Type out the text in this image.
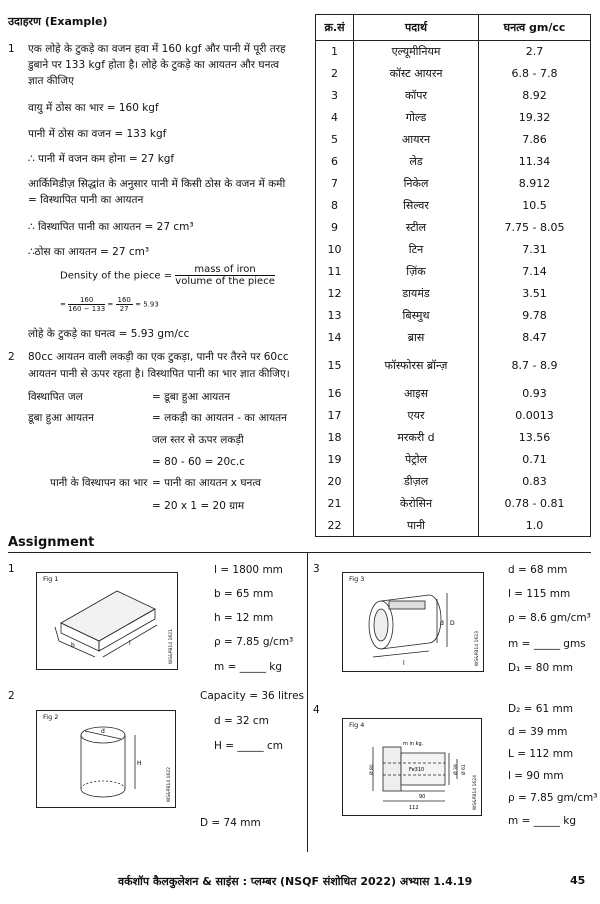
उदाहरण (Example)
1 एक लोहे के टुकड़े का वजन हवा में 160 kgf और पानी में पूरी तरह
डुबाने पर 133 kgf होता है। लोहे के टुकड़े का आयतन और घनत्व
ज्ञात कीजिए
वायु में ठोस का भार = 160 kgf
पानी में ठोस का वजन = 133 kgf
∴ पानी में वजन कम होना = 27 kgf
आर्किमिडीज़ सिद्धांत के अनुसार पानी में किसी ठोस के वजन में कमी
= विस्थापित पानी का आयतन
∴ विस्थापित पानी का आयतन = 27 cm³
∴ठोस का आयतन = 27 cm³
Density of the piece = $\frac{\text{mass of iron}}{\text{volume of the piece}}$
= $\frac{160}{160 - 133} = \frac{160}{27} = 5.93$
लोहे के टुकड़े का घनत्व = 5.93 gm/cc
2 80cc आयतन वाली लकड़ी का एक टुकड़ा, पानी पर तैरने पर 60cc
आयतन पानी से ऊपर रहता है। विस्थापित पानी का भार ज्ञात कीजिए।
विस्थापित जल	= डूबा हुआ आयतन
डूबा हुआ आयतन	= लकड़ी का आयतन - का आयतन
जल स्तर से ऊपर लकड़ी
= 80 - 60 = 20c.c
पानी के विस्थापन का भार = पानी का आयतन x घनत्व
= 20 x 1 = 20 ग्राम
क्र.सं	पदार्थ	घनत्व gm/cc
1	एल्यूमीनियम	2.7
2	कॉस्ट आयरन	6.8 - 7.8
3	कॉपर	8.92
4	गोल्ड	19.32
5	आयरन	7.86
6	लेड	11.34
7	निकेल	8.912
8	सिल्वर	10.5
9	स्टील	7.75 - 8.05
10	टिन	7.31
11	ज़िंक	7.14
12	डायमंड	3.51
13	बिस्मुथ	9.78
14	ब्रास	8.47
15	फॉस्फोरस ब्रॉन्ज़	8.7 - 8.9
16	आइस	0.93
17	एयर	0.0013
18	मरकरी d	13.56
19	पेट्रोल	0.71
20	डीज़ल	0.83
21	केरोसिन	0.78 - 0.81
22	पानी	1.0
Assignment
1
Fig 1
WS&PB14 1621
b	l
l = 1800 mm
b = 65 mm
h = 12 mm
ρ = 7.85 g/cm³
m = _____ kg
3
Fig 3
WS&PB14 1623
l
d D
d = 68 mm
l = 115 mm
ρ = 8.6 gm/cm³
m = _____ gms
D₁ = 80 mm
2
Fig 2
WS&PB14 1622
H
d
Capacity = 36 litres
d = 32 cm
H = _____ cm
D = 74 mm
4
Fig 4
WS&PB14 1624
m in kg.
Fe310
90
112
Ø 80	Ø 39 Ø 61
D₂ = 61 mm
d = 39 mm
L = 112 mm
l = 90 mm
ρ = 7.85 gm/cm³
m = _____ kg
वर्कशॉप कैलकुलेशन & साइंस : प्लम्बर (NSQF संशोधित 2022) अभ्यास 1.4.19	45
